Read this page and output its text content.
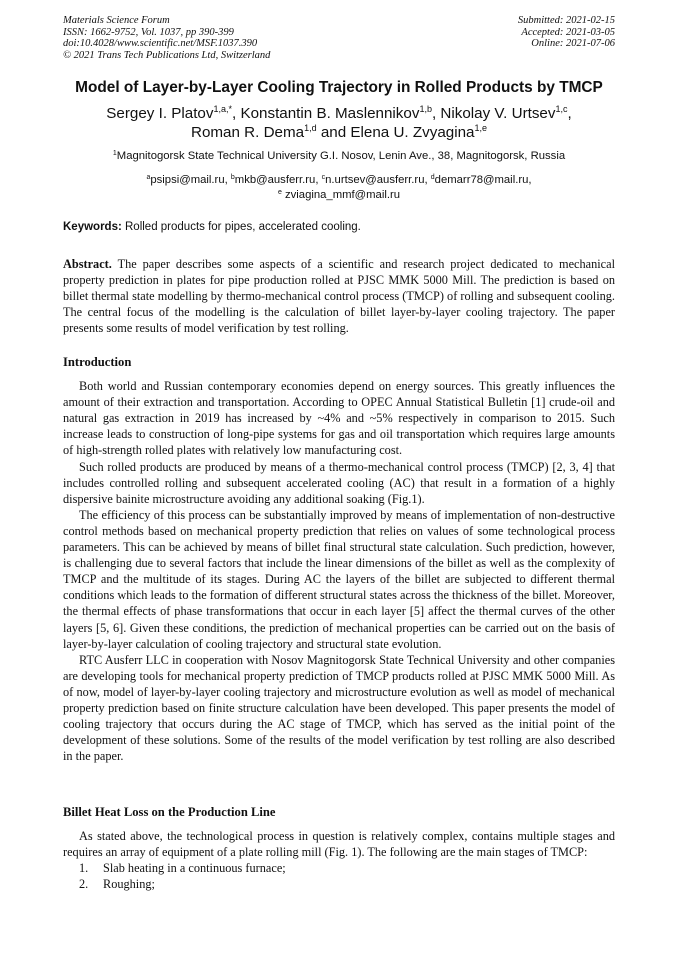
Materials Science Forum
ISSN: 1662-9752, Vol. 1037, pp 390-399
doi:10.4028/www.scientific.net/MSF.1037.390
© 2021 Trans Tech Publications Ltd, Switzerland
Submitted: 2021-02-15
Accepted: 2021-03-05
Online: 2021-07-06
Model of Layer-by-Layer Cooling Trajectory in Rolled Products by TMCP
Sergey I. Platov$^{1,a,*}$, Konstantin B. Maslennikov$^{1,b}$, Nikolay V. Urtsev$^{1,c}$,
Roman R. Dema$^{1,d}$ and Elena U. Zvyagina$^{1,e}$
$^1$Magnitogorsk State Technical University G.I. Nosov, Lenin Ave., 38, Magnitogorsk, Russia
$^a$psipsi@mail.ru, $^b$mkb@ausferr.ru, $^c$n.urtsev@ausferr.ru, $^d$demarr78@mail.ru,
$^e$ zviagina_mmf@mail.ru
Keywords: Rolled products for pipes, accelerated cooling.

Abstract. The paper describes some aspects of a scientific and research project dedicated to mechanical property prediction in plates for pipe production rolled at PJSC MMK 5000 Mill. The prediction is based on billet thermal state modelling by thermo-mechanical control process (TMCP) of rolling and subsequent cooling. The central focus of the modelling is the calculation of billet layer-by-layer cooling trajectory. The paper presents some results of model verification by test rolling.

Introduction

Both world and Russian contemporary economies depend on energy sources. This greatly influences the amount of their extraction and transportation. According to OPEC Annual Statistical Bulletin [1] crude-oil and natural gas extraction in 2019 has increased by ~4% and ~5% respectively in comparison to 2015. Such increase leads to construction of long-pipe systems for gas and oil transportation which requires large amounts of high-strength rolled plates with relatively low manufacturing cost.

Such rolled products are produced by means of a thermo-mechanical control process (TMCP) [2, 3, 4] that includes controlled rolling and subsequent accelerated cooling (AC) that result in a formation of a highly dispersive bainite microstructure avoiding any additional soaking (Fig.1).

The efficiency of this process can be substantially improved by means of implementation of non-destructive control methods based on mechanical property prediction that relies on values of some technological process parameters. This can be achieved by means of billet final structural state calculation. Such prediction, however, is challenging due to several factors that include the linear dimensions of the billet as well as the complexity of TMCP and the multitude of its stages. During AC the layers of the billet are subjected to different thermal conditions which leads to the formation of different structural states across the thickness of the billet. Moreover, the thermal effects of phase transformations that occur in each layer [5] affect the thermal curves of the other layers [5, 6]. Given these conditions, the prediction of mechanical properties can be carried out on the basis of layer-by-layer calculation of cooling trajectory and structural state evolution.

RTC Ausferr LLC in cooperation with Nosov Magnitogorsk State Technical University and other companies are developing tools for mechanical property prediction of TMCP products rolled at PJSC MMK 5000 Mill. As of now, model of layer-by-layer cooling trajectory and microstructure evolution as well as model of mechanical property prediction based on finite structure calculation have been developed. This paper presents the model of cooling trajectory that occurs during the AC stage of TMCP, which has served as the initial point of the development of these solutions. Some of the results of the model verification by test rolling are also described in the paper.

Billet Heat Loss on the Production Line

As stated above, the technological process in question is relatively complex, contains multiple stages and requires an array of equipment of a plate rolling mill (Fig. 1). The following are the main stages of TMCP:

1. Slab heating in a continuous furnace;
2. Roughing;
